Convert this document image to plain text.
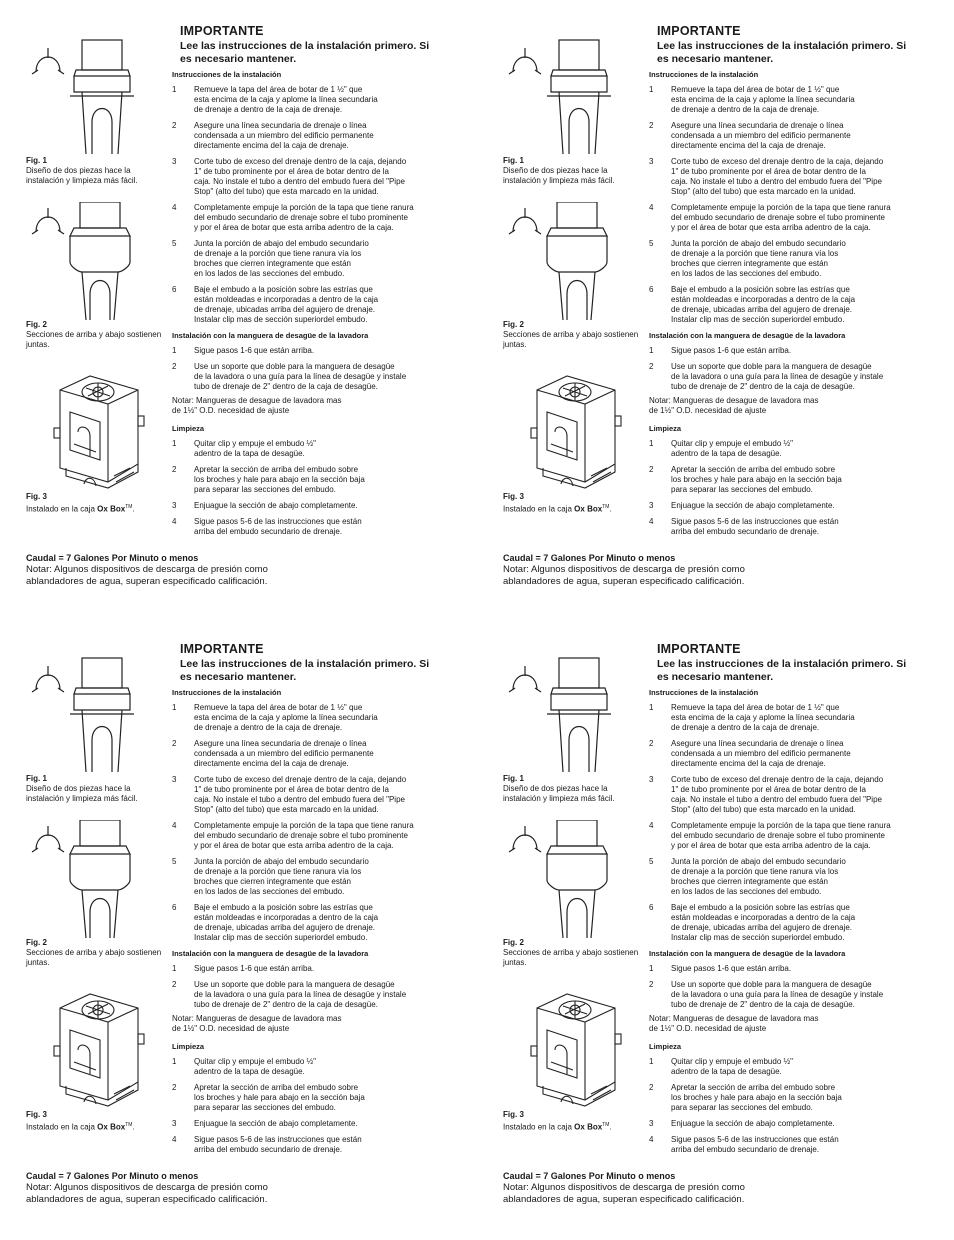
Fig. 1
Diseño de dos piezas hace la instalación y limpieza más fácil.
Fig. 2
Secciones de arriba y abajo sostienen juntas.
Fig. 3
Instalado en la caja Ox Box™.
IMPORTANTE
Lee las instrucciones de la instalación primero. Si es necesario mantener.
Instrucciones de la instalación
1	Remueve la tapa del área de botar de 1 ½" que
esta encima de la caja y aplome la línea secundaria
de drenaje a dentro de la caja de drenaje.
2	Asegure una línea secundaria de drenaje o línea
condensada a un miembro del edificio permanente
directamente encima del la caja de drenaje.
3	Corte tubo de exceso del drenaje dentro de la caja, dejando
1" de tubo prominente por el área de botar dentro de la
caja. No instale el tubo a dentro del embudo fuera del "Pipe
Stop" (alto del tubo) que esta marcado en la unidad.
4	Completamente empuje la porción de la tapa que tiene ranura
del embudo secundario de drenaje sobre el tubo prominente
y por el área de botar que esta arriba adentro de la caja.
5	Junta la porción de abajo del embudo secundario
de drenaje a la porción que tiene ranura vía los
broches que cierren integramente que están
en los lados de las secciones del embudo.
6	Baje el embudo a la posición sobre las estrías que
están moldeadas e incorporadas a dentro de la caja
de drenaje, ubicadas arriba del agujero de drenaje.
Instalar clip mas de sección superiordel embudo.
Instalación con la manguera de desagüe de la lavadora
1	Sigue pasos 1-6 que están arriba.
2	Use un soporte que doble para la manguera de desagüe
de la lavadora o una guía para la línea de desagüe y instale
tubo de drenaje de 2" dentro de la caja de desagüe.
Notar: Mangueras de desague de lavadora mas
de 1½" O.D. necesidad de ajuste
Limpieza
1	Quitar clip y empuje el embudo ½"
adentro de la tapa de desagüe.
2	Apretar la sección de arriba del embudo sobre
los broches y hale para abajo en la sección baja
para separar las secciones del embudo.
3	Enjuague la sección de abajo completamente.
4	Sigue pasos 5-6 de las instrucciones que están
arriba del embudo secundario de drenaje.
Caudal = 7 Galones Por Minuto o menos
Notar: Algunos dispositivos de descarga de presión como ablandadores de agua, superan especificado calificación.
Fig. 1
Diseño de dos piezas hace la instalación y limpieza más fácil.
Fig. 2
Secciones de arriba y abajo sostienen juntas.
Fig. 3
Instalado en la caja Ox Box™.
IMPORTANTE
Lee las instrucciones de la instalación primero. Si es necesario mantener.
Instrucciones de la instalación
1	Remueve la tapa del área de botar de 1 ½" que
esta encima de la caja y aplome la línea secundaria
de drenaje a dentro de la caja de drenaje.
2	Asegure una línea secundaria de drenaje o línea
condensada a un miembro del edificio permanente
directamente encima del la caja de drenaje.
3	Corte tubo de exceso del drenaje dentro de la caja, dejando
1" de tubo prominente por el área de botar dentro de la
caja. No instale el tubo a dentro del embudo fuera del "Pipe
Stop" (alto del tubo) que esta marcado en la unidad.
4	Completamente empuje la porción de la tapa que tiene ranura
del embudo secundario de drenaje sobre el tubo prominente
y por el área de botar que esta arriba adentro de la caja.
5	Junta la porción de abajo del embudo secundario
de drenaje a la porción que tiene ranura vía los
broches que cierren integramente que están
en los lados de las secciones del embudo.
6	Baje el embudo a la posición sobre las estrías que
están moldeadas e incorporadas a dentro de la caja
de drenaje, ubicadas arriba del agujero de drenaje.
Instalar clip mas de sección superiordel embudo.
Instalación con la manguera de desagüe de la lavadora
1	Sigue pasos 1-6 que están arriba.
2	Use un soporte que doble para la manguera de desagüe
de la lavadora o una guía para la línea de desagüe y instale
tubo de drenaje de 2" dentro de la caja de desagüe.
Notar: Mangueras de desague de lavadora mas
de 1½" O.D. necesidad de ajuste
Limpieza
1	Quitar clip y empuje el embudo ½"
adentro de la tapa de desagüe.
2	Apretar la sección de arriba del embudo sobre
los broches y hale para abajo en la sección baja
para separar las secciones del embudo.
3	Enjuague la sección de abajo completamente.
4	Sigue pasos 5-6 de las instrucciones que están
arriba del embudo secundario de drenaje.
Caudal = 7 Galones Por Minuto o menos
Notar: Algunos dispositivos de descarga de presión como ablandadores de agua, superan especificado calificación.
Fig. 1
Diseño de dos piezas hace la instalación y limpieza más fácil.
Fig. 2
Secciones de arriba y abajo sostienen juntas.
Fig. 3
Instalado en la caja Ox Box™.
IMPORTANTE
Lee las instrucciones de la instalación primero. Si es necesario mantener.
Instrucciones de la instalación
1	Remueve la tapa del área de botar de 1 ½" que
esta encima de la caja y aplome la línea secundaria
de drenaje a dentro de la caja de drenaje.
2	Asegure una línea secundaria de drenaje o línea
condensada a un miembro del edificio permanente
directamente encima del la caja de drenaje.
3	Corte tubo de exceso del drenaje dentro de la caja, dejando
1" de tubo prominente por el área de botar dentro de la
caja. No instale el tubo a dentro del embudo fuera del "Pipe
Stop" (alto del tubo) que esta marcado en la unidad.
4	Completamente empuje la porción de la tapa que tiene ranura
del embudo secundario de drenaje sobre el tubo prominente
y por el área de botar que esta arriba adentro de la caja.
5	Junta la porción de abajo del embudo secundario
de drenaje a la porción que tiene ranura vía los
broches que cierren integramente que están
en los lados de las secciones del embudo.
6	Baje el embudo a la posición sobre las estrías que
están moldeadas e incorporadas a dentro de la caja
de drenaje, ubicadas arriba del agujero de drenaje.
Instalar clip mas de sección superiordel embudo.
Instalación con la manguera de desagüe de la lavadora
1	Sigue pasos 1-6 que están arriba.
2	Use un soporte que doble para la manguera de desagüe
de la lavadora o una guía para la línea de desagüe y instale
tubo de drenaje de 2" dentro de la caja de desagüe.
Notar: Mangueras de desague de lavadora mas
de 1½" O.D. necesidad de ajuste
Limpieza
1	Quitar clip y empuje el embudo ½"
adentro de la tapa de desagüe.
2	Apretar la sección de arriba del embudo sobre
los broches y hale para abajo en la sección baja
para separar las secciones del embudo.
3	Enjuague la sección de abajo completamente.
4	Sigue pasos 5-6 de las instrucciones que están
arriba del embudo secundario de drenaje.
Caudal = 7 Galones Por Minuto o menos
Notar: Algunos dispositivos de descarga de presión como ablandadores de agua, superan especificado calificación.
Fig. 1
Diseño de dos piezas hace la instalación y limpieza más fácil.
Fig. 2
Secciones de arriba y abajo sostienen juntas.
Fig. 3
Instalado en la caja Ox Box™.
IMPORTANTE
Lee las instrucciones de la instalación primero. Si es necesario mantener.
Instrucciones de la instalación
1	Remueve la tapa del área de botar de 1 ½" que
esta encima de la caja y aplome la línea secundaria
de drenaje a dentro de la caja de drenaje.
2	Asegure una línea secundaria de drenaje o línea
condensada a un miembro del edificio permanente
directamente encima del la caja de drenaje.
3	Corte tubo de exceso del drenaje dentro de la caja, dejando
1" de tubo prominente por el área de botar dentro de la
caja. No instale el tubo a dentro del embudo fuera del "Pipe
Stop" (alto del tubo) que esta marcado en la unidad.
4	Completamente empuje la porción de la tapa que tiene ranura
del embudo secundario de drenaje sobre el tubo prominente
y por el área de botar que esta arriba adentro de la caja.
5	Junta la porción de abajo del embudo secundario
de drenaje a la porción que tiene ranura vía los
broches que cierren integramente que están
en los lados de las secciones del embudo.
6	Baje el embudo a la posición sobre las estrías que
están moldeadas e incorporadas a dentro de la caja
de drenaje, ubicadas arriba del agujero de drenaje.
Instalar clip mas de sección superiordel embudo.
Instalación con la manguera de desagüe de la lavadora
1	Sigue pasos 1-6 que están arriba.
2	Use un soporte que doble para la manguera de desagüe
de la lavadora o una guía para la línea de desagüe y instale
tubo de drenaje de 2" dentro de la caja de desagüe.
Notar: Mangueras de desague de lavadora mas
de 1½" O.D. necesidad de ajuste
Limpieza
1	Quitar clip y empuje el embudo ½"
adentro de la tapa de desagüe.
2	Apretar la sección de arriba del embudo sobre
los broches y hale para abajo en la sección baja
para separar las secciones del embudo.
3	Enjuague la sección de abajo completamente.
4	Sigue pasos 5-6 de las instrucciones que están
arriba del embudo secundario de drenaje.
Caudal = 7 Galones Por Minuto o menos
Notar: Algunos dispositivos de descarga de presión como ablandadores de agua, superan especificado calificación.
